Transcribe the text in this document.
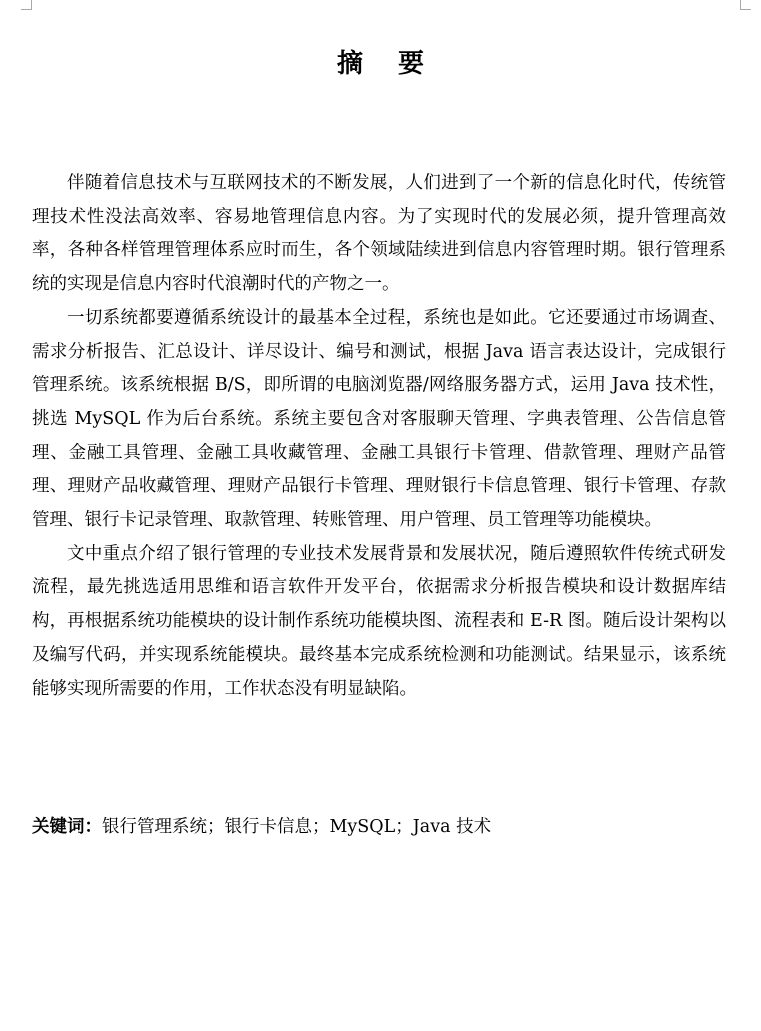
摘 要

伴随着信息技术与互联网技术的不断发展，人们进到了一个新的信息化时代，传统管理技术性没法高效率、容易地管理信息内容。为了实现时代的发展必须，提升管理高效率，各种各样管理管理体系应时而生，各个领域陆续进到信息内容管理时期。银行管理系统的实现是信息内容时代浪潮时代的产物之一。

一切系统都要遵循系统设计的最基本全过程，系统也是如此。它还要通过市场调查、需求分析报告、汇总设计、详尽设计、编号和测试，根据 Java 语言表达设计，完成银行管理系统。该系统根据 B/S，即所谓的电脑浏览器/网络服务器方式，运用 Java 技术性，挑选 MySQL 作为后台系统。系统主要包含对客服聊天管理、字典表管理、公告信息管理、金融工具管理、金融工具收藏管理、金融工具银行卡管理、借款管理、理财产品管理、理财产品收藏管理、理财产品银行卡管理、理财银行卡信息管理、银行卡管理、存款管理、银行卡记录管理、取款管理、转账管理、用户管理、员工管理等功能模块。

文中重点介绍了银行管理的专业技术发展背景和发展状况，随后遵照软件传统式研发流程，最先挑选适用思维和语言软件开发平台，依据需求分析报告模块和设计数据库结构，再根据系统功能模块的设计制作系统功能模块图、流程表和 E-R 图。随后设计架构以及编写代码，并实现系统能模块。最终基本完成系统检测和功能测试。结果显示，该系统能够实现所需要的作用，工作状态没有明显缺陷。

关键词：银行管理系统；银行卡信息；MySQL；Java 技术
